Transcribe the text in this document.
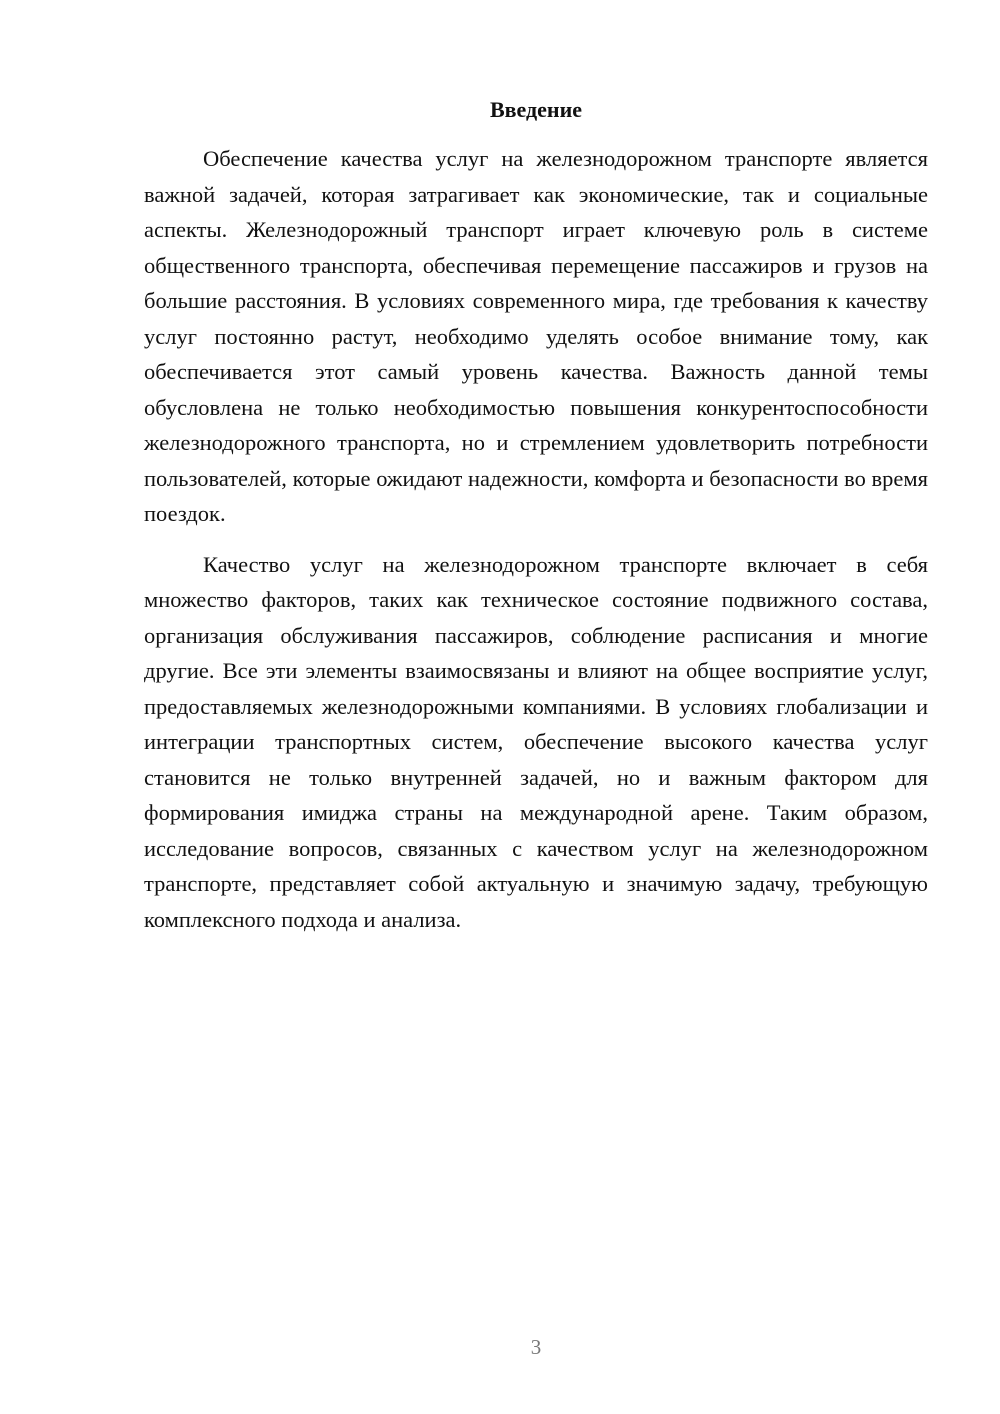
Введение

Обеспечение качества услуг на железнодорожном транспорте является важной задачей, которая затрагивает как экономические, так и социальные аспекты. Железнодорожный транспорт играет ключевую роль в системе общественного транспорта, обеспечивая перемещение пассажиров и грузов на большие расстояния. В условиях современного мира, где требования к качеству услуг постоянно растут, необходимо уделять особое внимание тому, как обеспечивается этот самый уровень качества. Важность данной темы обусловлена не только необходимостью повышения конкурентоспособности железнодорожного транспорта, но и стремлением удовлетворить потребности пользователей, которые ожидают надежности, комфорта и безопасности во время поездок.

Качество услуг на железнодорожном транспорте включает в себя множество факторов, таких как техническое состояние подвижного состава, организация обслуживания пассажиров, соблюдение расписания и многие другие. Все эти элементы взаимосвязаны и влияют на общее восприятие услуг, предоставляемых железнодорожными компаниями. В условиях глобализации и интеграции транспортных систем, обеспечение высокого качества услуг становится не только внутренней задачей, но и важным фактором для формирования имиджа страны на международной арене. Таким образом, исследование вопросов, связанных с качеством услуг на железнодорожном транспорте, представляет собой актуальную и значимую задачу, требующую комплексного подхода и анализа.

3
